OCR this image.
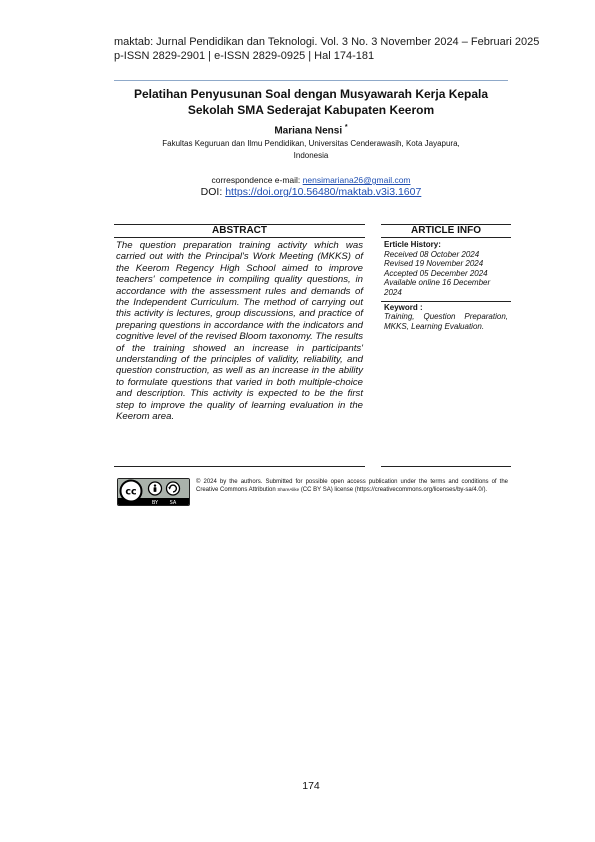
maktab: Jurnal Pendidikan dan Teknologi. Vol. 3 No. 3 November 2024 – Februari 2025
p-ISSN 2829-2901 | e-ISSN 2829-0925 | Hal 174-181
Pelatihan Penyusunan Soal dengan Musyawarah Kerja Kepala
Sekolah SMA Sederajat Kabupaten Keerom
Mariana Nensi *
Fakultas Keguruan dan Ilmu Pendidikan, Universitas Cenderawasih, Kota Jayapura,
Indonesia
correspondence e-mail: nensimariana26@gmail.com
DOI: https://doi.org/10.56480/maktab.v3i3.1607
ABSTRACT
The question preparation training activity which was carried out with the Principal's Work Meeting (MKKS) of the Keerom Regency High School aimed to improve teachers' competence in compiling quality questions, in accordance with the assessment rules and demands of the Independent Curriculum. The method of carrying out this activity is lectures, group discussions, and practice of preparing questions in accordance with the indicators and cognitive level of the revised Bloom taxonomy. The results of the training showed an increase in participants' understanding of the principles of validity, reliability, and question construction, as well as an increase in the ability to formulate questions that varied in both multiple-choice and description. This activity is expected to be the first step to improve the quality of learning evaluation in the Keerom area.
ARTICLE INFO
Erticle History:
Received 08 October 2024
Revised 19 November 2024
Accepted 05 December 2024
Available online 16 December 2024
Keyword :
Training, Question Preparation, MKKS, Learning Evaluation.
cc
BY SA
© 2024 by the authors. Submitted for possible open access publication under the terms and conditions of the Creative Commons Attribution ShareAlike (CC BY SA) license (https://creativecommons.org/licenses/by-sa/4.0/).
174
